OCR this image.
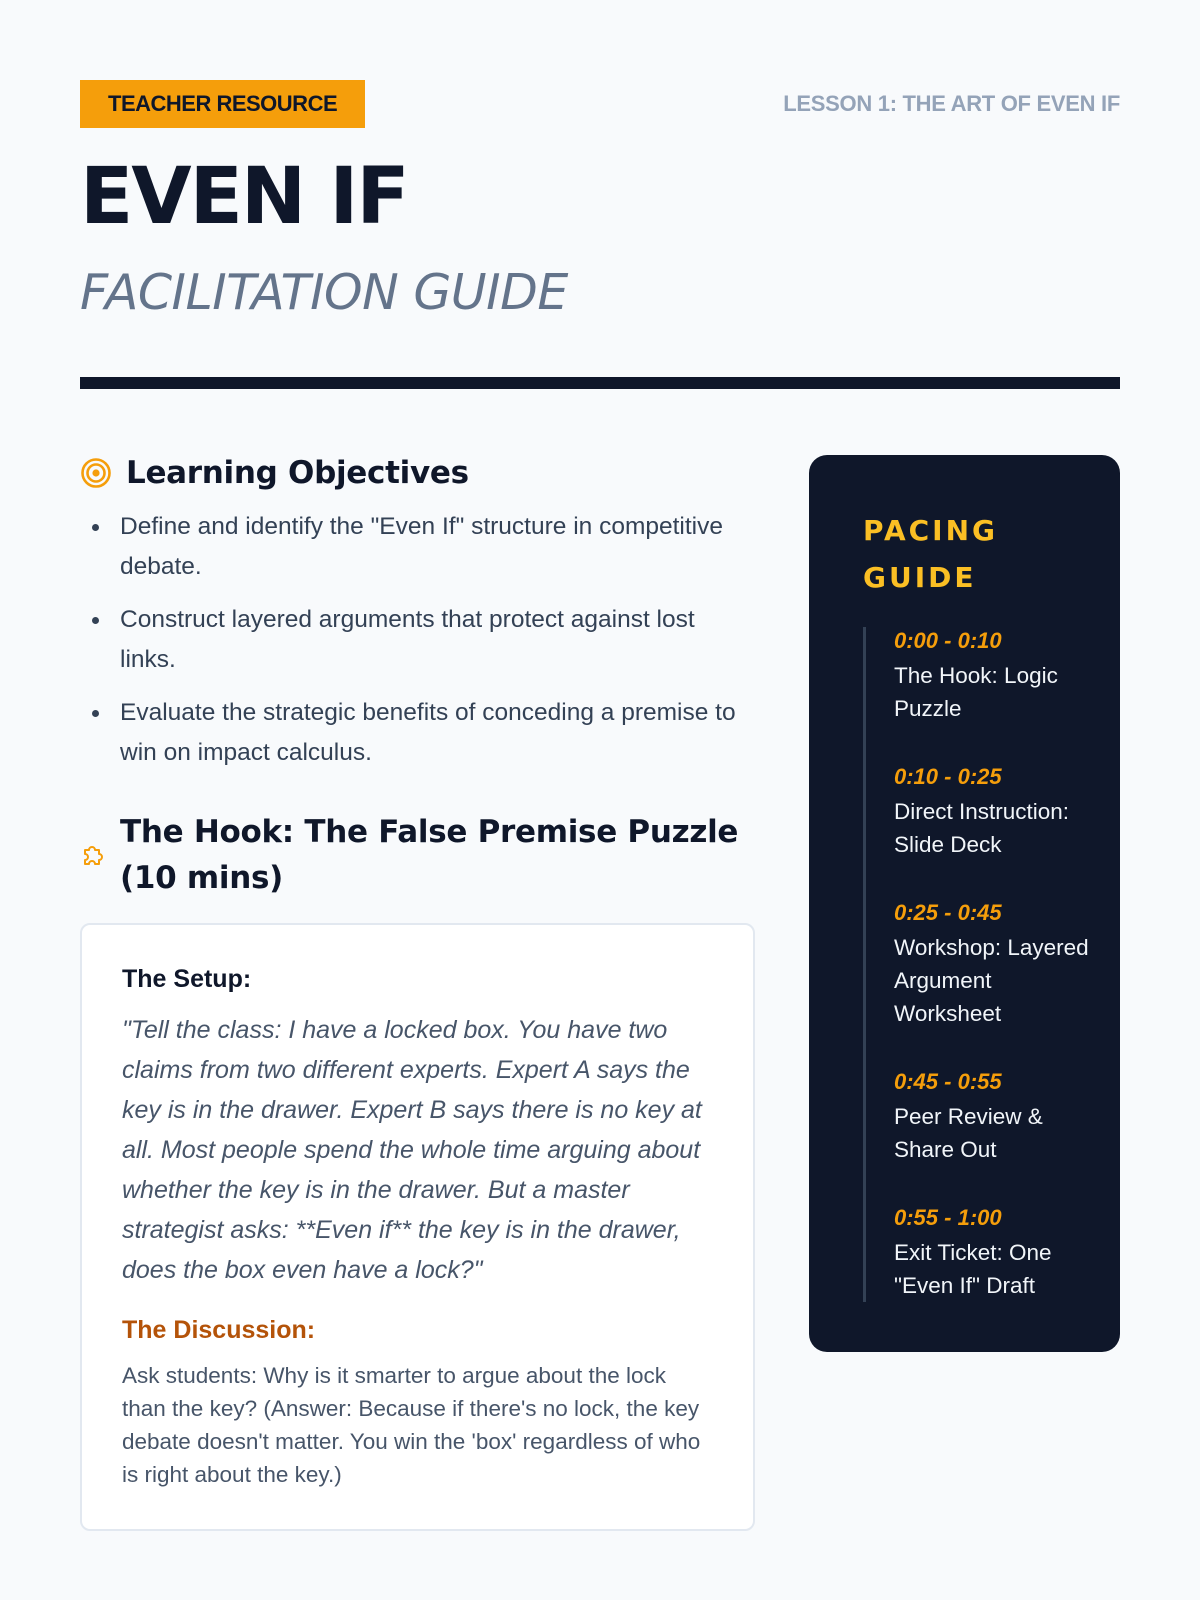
TEACHER RESOURCE	LESSON 1: THE ART OF EVEN IF
EVEN IF
FACILITATION GUIDE
Learning Objectives
Define and identify the "Even If" structure in competitive debate.
Construct layered arguments that protect against lost links.
Evaluate the strategic benefits of conceding a premise to win on impact calculus.
The Hook: The False Premise Puzzle (10 mins)
The Setup:

"Tell the class: I have a locked box. You have two claims from two different experts. Expert A says the key is in the drawer. Expert B says there is no key at all. Most people spend the whole time arguing about whether the key is in the drawer. But a master strategist asks: **Even if** the key is in the drawer, does the box even have a lock?"

The Discussion:

Ask students: Why is it smarter to argue about the lock than the key? (Answer: Because if there's no lock, the key debate doesn't matter. You win the 'box' regardless of who is right about the key.)

PACING
GUIDE
0:00 - 0:10
The Hook: Logic Puzzle
0:10 - 0:25
Direct Instruction: Slide Deck
0:25 - 0:45
Workshop: Layered Argument Worksheet
0:45 - 0:55
Peer Review & Share Out
0:55 - 1:00
Exit Ticket: One "Even If" Draft
